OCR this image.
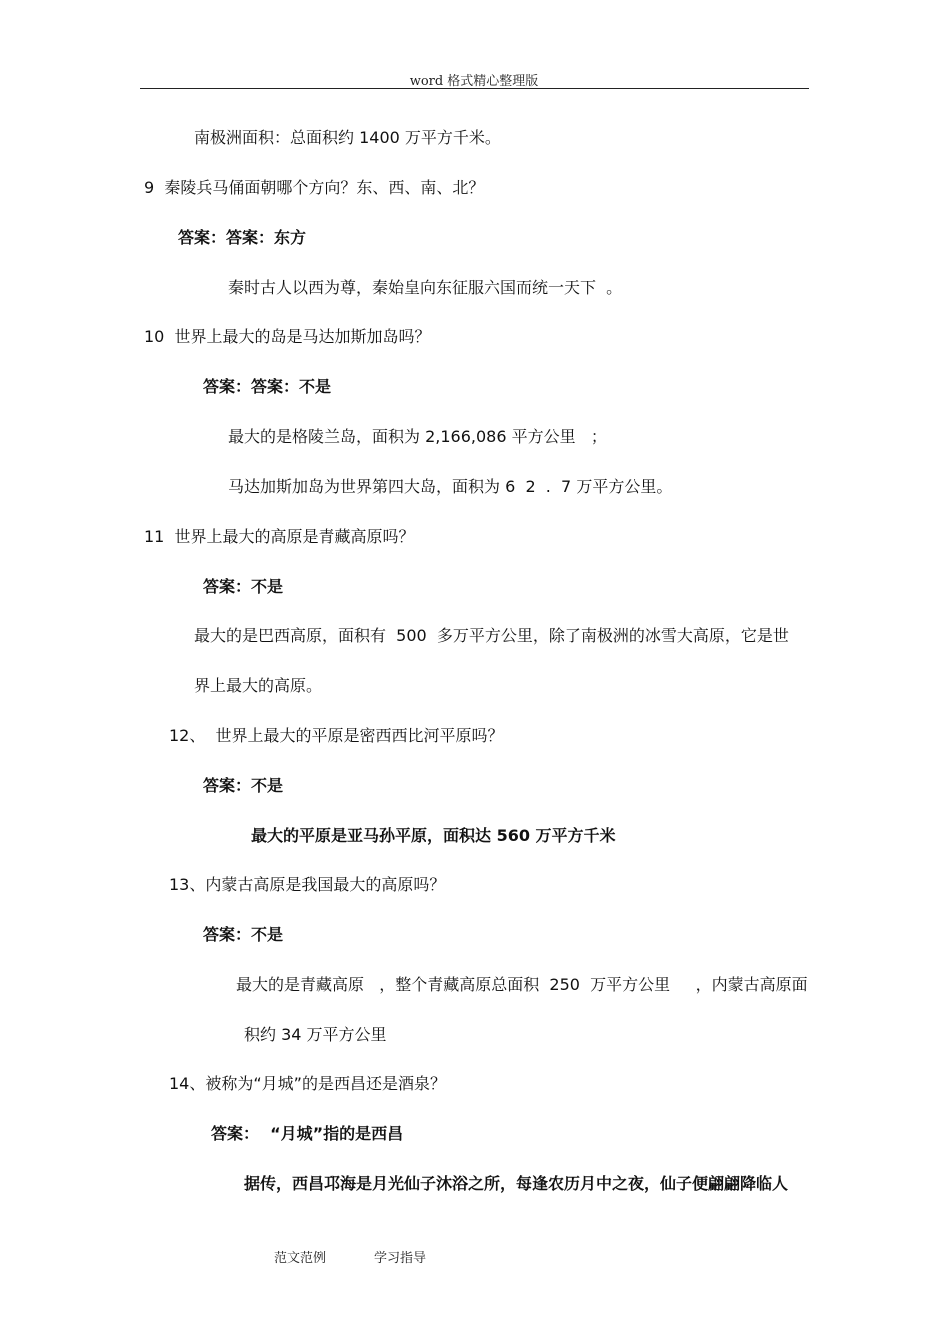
word 格式精心整理版
南极洲面积：总面积约 1400 万平方千米。
9  秦陵兵马俑面朝哪个方向？东、西、南、北？
答案：答案：东方
秦时古人以西为尊，秦始皇向东征服六国而统一天下  。
10  世界上最大的岛是马达加斯加岛吗？
答案：答案：不是
最大的是格陵兰岛，面积为 2,166,086 平方公里   ；
马达加斯加岛为世界第四大岛，面积为 6  2  .  7 万平方公里。
11  世界上最大的高原是青藏高原吗？
答案：不是
最大的是巴西高原，面积有  500  多万平方公里，除了南极洲的冰雪大高原，它是世
界上最大的高原。
12、  世界上最大的平原是密西西比河平原吗？
答案：不是
最大的平原是亚马孙平原，面积达 560 万平方千米
13、内蒙古高原是我国最大的高原吗？
答案：不是
最大的是青藏高原   ，整个青藏高原总面积  250  万平方公里     ，内蒙古高原面
积约 34 万平方公里
14、被称为“月城”的是西昌还是酒泉？
答案：  “月城”指的是西昌
据传，西昌邛海是月光仙子沐浴之所，每逢农历月中之夜，仙子便翩翩降临人
范文范例	学习指导
